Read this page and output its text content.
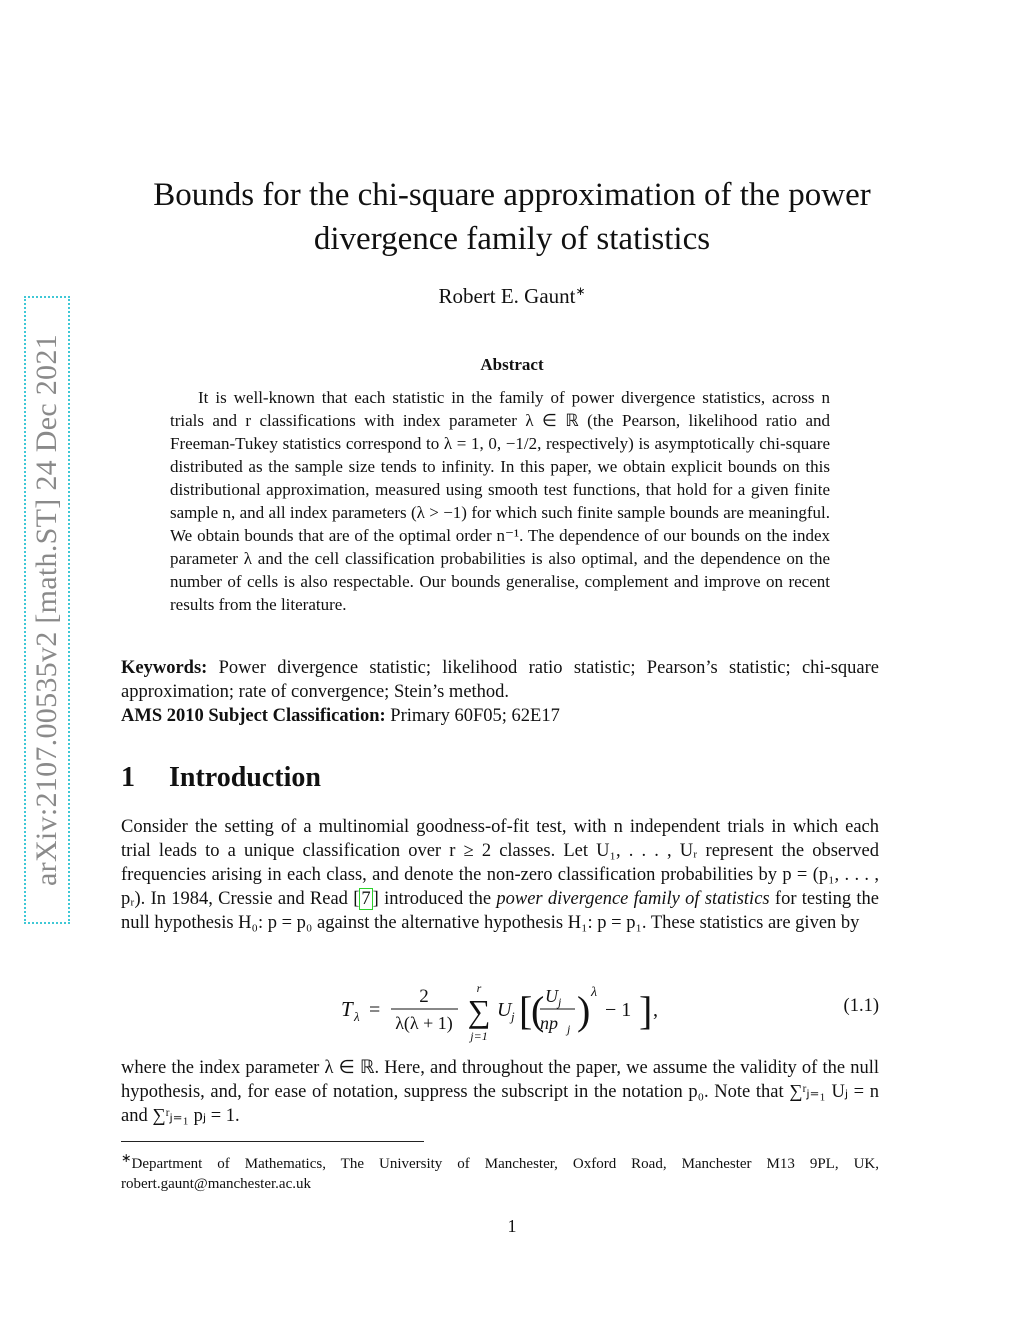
arXiv:2107.00535v2 [math.ST] 24 Dec 2021
Bounds for the chi-square approximation of the power
divergence family of statistics
Robert E. Gaunt∗
Abstract
It is well-known that each statistic in the family of power divergence statistics, across n trials and r classifications with index parameter λ ∈ ℝ (the Pearson, likelihood ratio and Freeman-Tukey statistics correspond to λ = 1, 0, −1/2, respectively) is asymptotically chi-square distributed as the sample size tends to infinity. In this paper, we obtain explicit bounds on this distributional approximation, measured using smooth test functions, that hold for a given finite sample n, and all index parameters (λ > −1) for which such finite sample bounds are meaningful. We obtain bounds that are of the optimal order n⁻¹. The dependence of our bounds on the index parameter λ and the cell classification probabilities is also optimal, and the dependence on the number of cells is also respectable. Our bounds generalise, complement and improve on recent results from the literature.
Keywords: Power divergence statistic; likelihood ratio statistic; Pearson’s statistic; chi-square approximation; rate of convergence; Stein’s method.
AMS 2010 Subject Classification: Primary 60F05; 62E17
1 Introduction
Consider the setting of a multinomial goodness-of-fit test, with n independent trials in which each trial leads to a unique classification over r ≥ 2 classes. Let U₁, . . . , Uᵣ represent the observed frequencies arising in each class, and denote the non-zero classification probabilities by p = (p₁, . . . , pᵣ). In 1984, Cressie and Read [ 7 ] introduced the power divergence family of statistics for testing the null hypothesis H₀: p = p₀ against the alternative hypothesis H₁: p = p₁. These statistics are given by
T λ =
2
λ(λ + 1)
r
∑
j=1
U j [
( U j
np j ) λ
− 1 ] ,	(1.1)
where the index parameter λ ∈ ℝ. Here, and throughout the paper, we assume the validity of the null hypothesis, and, for ease of notation, suppress the subscript in the notation p₀. Note that ∑ʳⱼ₌₁ Uⱼ = n and ∑ʳⱼ₌₁ pⱼ = 1.
∗Department of Mathematics, The University of Manchester, Oxford Road, Manchester M13 9PL, UK, robert.gaunt@manchester.ac.uk
1
